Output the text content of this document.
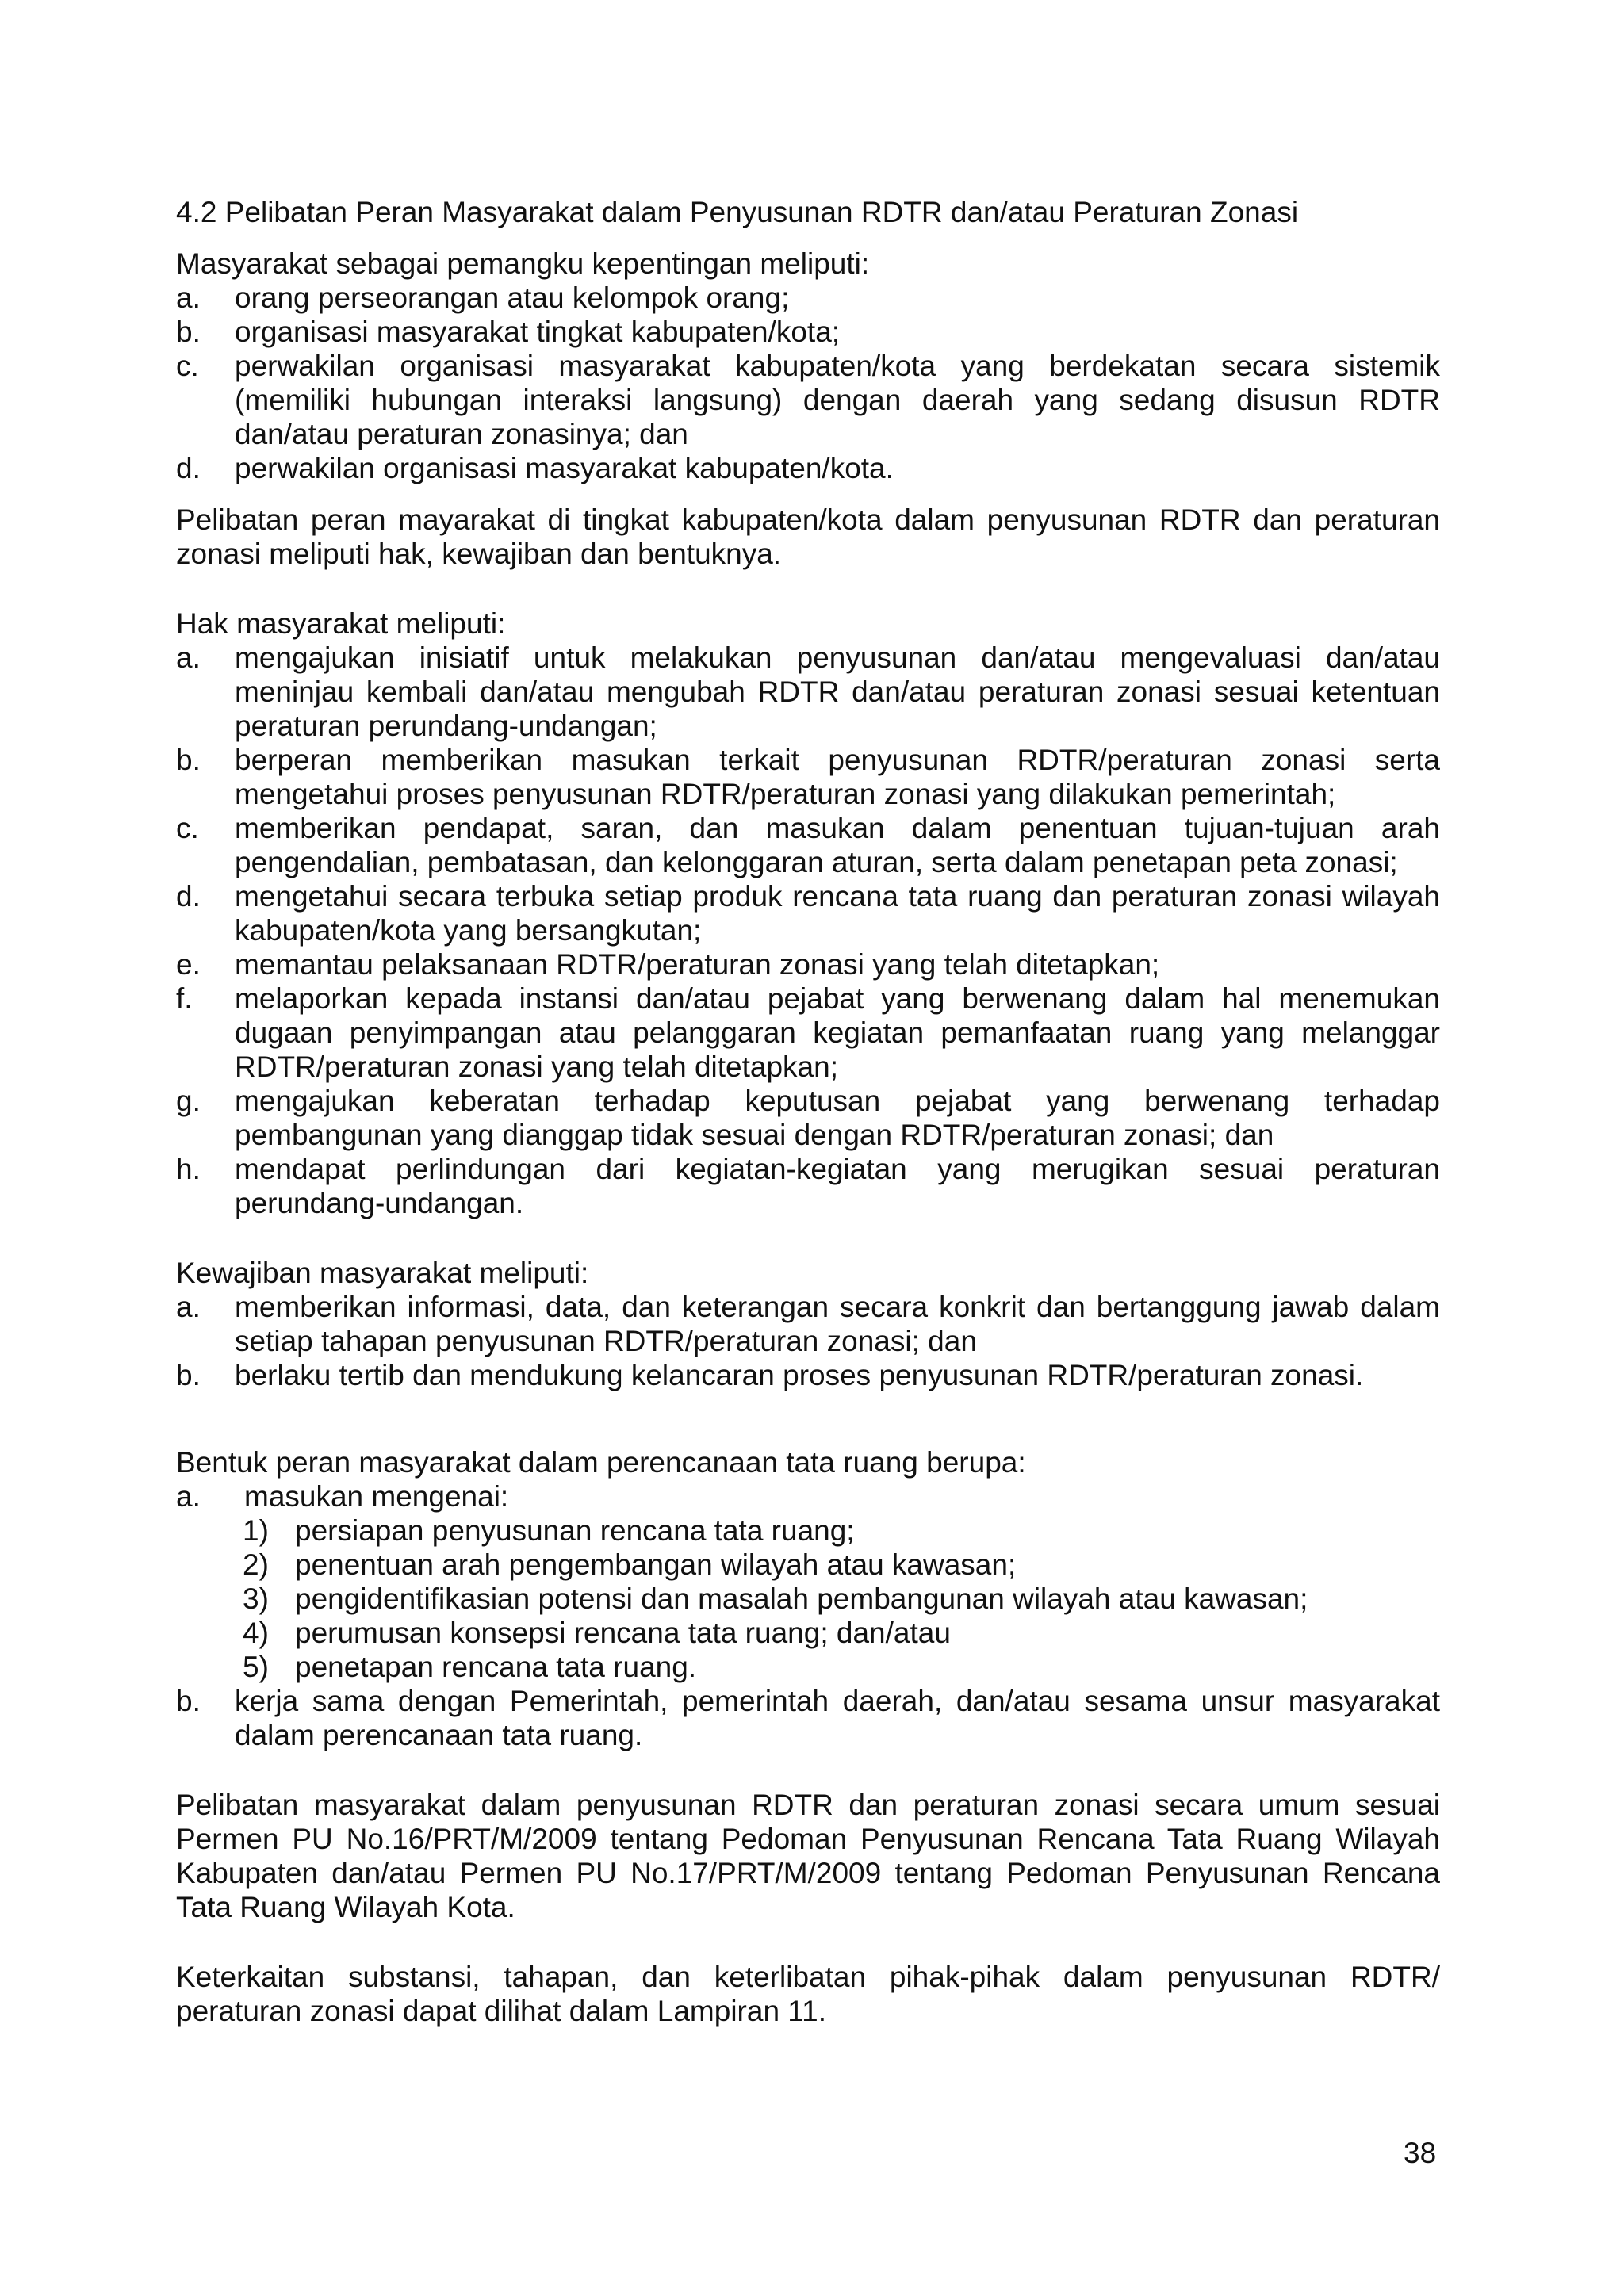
4.2 Pelibatan Peran Masyarakat dalam Penyusunan RDTR dan/atau Peraturan Zonasi

Masyarakat sebagai pemangku kepentingan meliputi:

a. orang perseorangan atau kelompok orang;
b. organisasi masyarakat tingkat kabupaten/kota;
c. perwakilan organisasi masyarakat kabupaten/kota yang berdekatan secara sistemik (memiliki hubungan interaksi langsung) dengan daerah yang sedang disusun RDTR dan/atau peraturan zonasinya; dan
d. perwakilan organisasi masyarakat kabupaten/kota.

Pelibatan peran mayarakat di tingkat kabupaten/kota dalam penyusunan RDTR dan peraturan zonasi meliputi hak, kewajiban dan bentuknya.

Hak masyarakat meliputi:

a. mengajukan inisiatif untuk melakukan penyusunan dan/atau mengevaluasi dan/atau meninjau kembali dan/atau mengubah RDTR dan/atau peraturan zonasi sesuai ketentuan peraturan perundang-undangan;
b. berperan memberikan masukan terkait penyusunan RDTR/peraturan zonasi serta mengetahui proses penyusunan RDTR/peraturan zonasi yang dilakukan pemerintah;
c. memberikan pendapat, saran, dan masukan dalam penentuan tujuan-tujuan arah pengendalian, pembatasan, dan kelonggaran aturan, serta dalam penetapan peta zonasi;
d. mengetahui secara terbuka setiap produk rencana tata ruang dan peraturan zonasi wilayah kabupaten/kota yang bersangkutan;
e. memantau pelaksanaan RDTR/peraturan zonasi yang telah ditetapkan;
f. melaporkan kepada instansi dan/atau pejabat yang berwenang dalam hal menemukan dugaan penyimpangan atau pelanggaran kegiatan pemanfaatan ruang yang melanggar RDTR/peraturan zonasi yang telah ditetapkan;
g. mengajukan keberatan terhadap keputusan pejabat yang berwenang terhadap pembangunan yang dianggap tidak sesuai dengan RDTR/peraturan zonasi; dan
h. mendapat perlindungan dari kegiatan-kegiatan yang merugikan sesuai peraturan perundang-undangan.

Kewajiban masyarakat meliputi:

a. memberikan informasi, data, dan keterangan secara konkrit dan bertanggung jawab dalam setiap tahapan penyusunan RDTR/peraturan zonasi; dan
b. berlaku tertib dan mendukung kelancaran proses penyusunan RDTR/peraturan zonasi.

Bentuk peran masyarakat dalam perencanaan tata ruang berupa:

a. masukan mengenai:
1) persiapan penyusunan rencana tata ruang;
2) penentuan arah pengembangan wilayah atau kawasan;
3) pengidentifikasian potensi dan masalah pembangunan wilayah atau kawasan;
4) perumusan konsepsi rencana tata ruang; dan/atau
5) penetapan rencana tata ruang.
b. kerja sama dengan Pemerintah, pemerintah daerah, dan/atau sesama unsur masyarakat dalam perencanaan tata ruang.

Pelibatan masyarakat dalam penyusunan RDTR dan peraturan zonasi secara umum sesuai Permen PU No.16/PRT/M/2009 tentang Pedoman Penyusunan Rencana Tata Ruang Wilayah Kabupaten dan/atau Permen PU No.17/PRT/M/2009 tentang Pedoman Penyusunan Rencana Tata Ruang Wilayah Kota.

Keterkaitan substansi, tahapan, dan keterlibatan pihak-pihak dalam penyusunan RDTR/ peraturan zonasi dapat dilihat dalam Lampiran 11.

38
